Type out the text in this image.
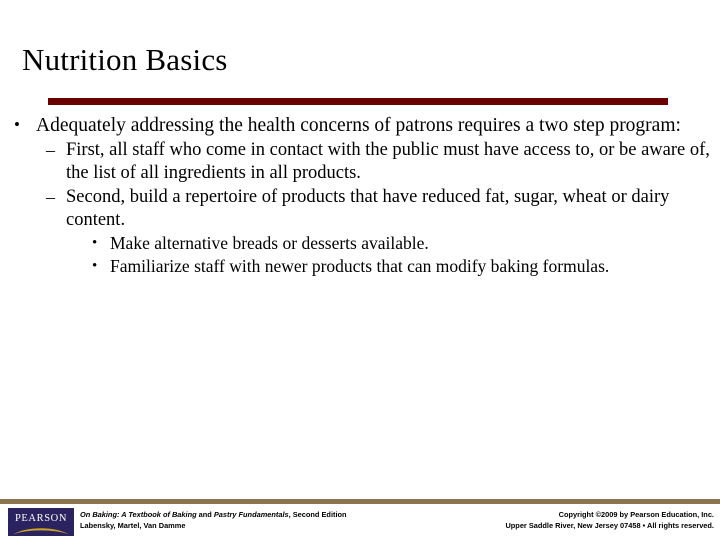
Nutrition Basics
• Adequately addressing the health concerns of patrons requires a two step program:
– First, all staff who come in contact with the public must have access to, or be aware of, the list of all ingredients in all products.
– Second, build a repertoire of products that have reduced fat, sugar, wheat or dairy content.
• Make alternative breads or desserts available.
• Familiarize staff with newer products that can modify baking formulas.
PEARSON	On Baking: A Textbook of Baking and Pastry Fundamentals, Second Edition
Labensky, Martel, Van Damme
Copyright ©2009 by Pearson Education, Inc.
Upper Saddle River, New Jersey 07458 • All rights reserved.
